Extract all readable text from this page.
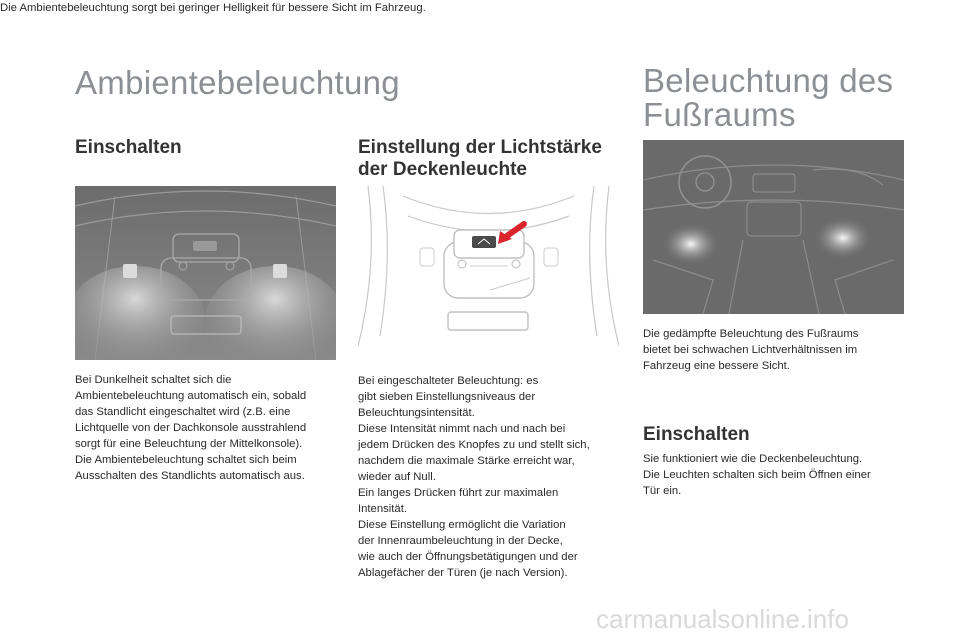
Ambientebeleuchtung

Die Ambientebeleuchtung sorgt bei geringer Helligkeit für bessere Sicht im Fahrzeug.

Beleuchtung des
Fußraums
Einschalten	Einstellung der Lichtstärke
der Deckenleuchte
Einschalten
Bei Dunkelheit schaltet sich die
Ambientebeleuchtung automatisch ein, sobald
das Standlicht eingeschaltet wird (z.B. eine
Lichtquelle von der Dachkonsole ausstrahlend
sorgt für eine Beleuchtung der Mittelkonsole).
Die Ambientebeleuchtung schaltet sich beim
Ausschalten des Standlichts automatisch aus.
Bei eingeschalteter Beleuchtung: es
gibt sieben Einstellungsniveaus der
Beleuchtungsintensität.
Diese Intensität nimmt nach und nach bei
jedem Drücken des Knopfes zu und stellt sich,
nachdem die maximale Stärke erreicht war,
wieder auf Null.
Ein langes Drücken führt zur maximalen
Intensität.
Diese Einstellung ermöglicht die Variation
der Innenraumbeleuchtung in der Decke,
wie auch der Öffnungsbetätigungen und der
Ablagefächer der Türen (je nach Version).
Die gedämpfte Beleuchtung des Fußraums
bietet bei schwachen Lichtverhältnissen im
Fahrzeug eine bessere Sicht.
Sie funktioniert wie die Deckenbeleuchtung.
Die Leuchten schalten sich beim Öffnen einer
Tür ein.
carmanualsonline.info
